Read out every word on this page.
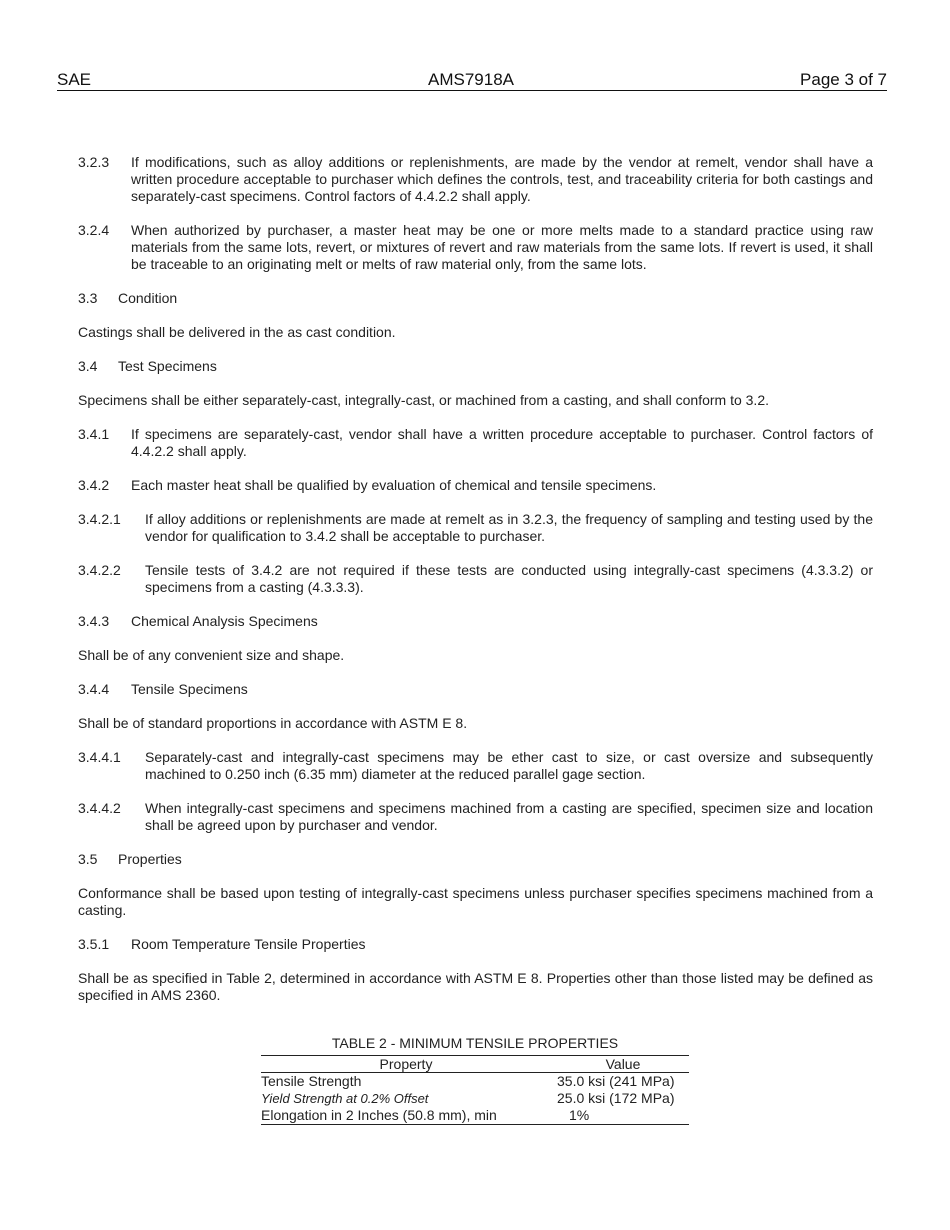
SAE	AMS7918A	Page 3 of 7
3.2.3	If modifications, such as alloy additions or replenishments, are made by the vendor at remelt, vendor shall have a written procedure acceptable to purchaser which defines the controls, test, and traceability criteria for both castings and separately-cast specimens. Control factors of 4.4.2.2 shall apply.
3.2.4	When authorized by purchaser, a master heat may be one or more melts made to a standard practice using raw materials from the same lots, revert, or mixtures of revert and raw materials from the same lots. If revert is used, it shall be traceable to an originating melt or melts of raw material only, from the same lots.
3.3	Condition

Castings shall be delivered in the as cast condition.

3.4	Test Specimens

Specimens shall be either separately-cast, integrally-cast, or machined from a casting, and shall conform to 3.2.

3.4.1	If specimens are separately-cast, vendor shall have a written procedure acceptable to purchaser. Control factors of 4.4.2.2 shall apply.
3.4.2	Each master heat shall be qualified by evaluation of chemical and tensile specimens.
3.4.2.1	If alloy additions or replenishments are made at remelt as in 3.2.3, the frequency of sampling and testing used by the vendor for qualification to 3.4.2 shall be acceptable to purchaser.
3.4.2.2	Tensile tests of 3.4.2 are not required if these tests are conducted using integrally-cast specimens (4.3.3.2) or specimens from a casting (4.3.3.3).
3.4.3	Chemical Analysis Specimens

Shall be of any convenient size and shape.

3.4.4	Tensile Specimens

Shall be of standard proportions in accordance with ASTM E 8.

3.4.4.1	Separately-cast and integrally-cast specimens may be ether cast to size, or cast oversize and subsequently machined to 0.250 inch (6.35 mm) diameter at the reduced parallel gage section.
3.4.4.2	When integrally-cast specimens and specimens machined from a casting are specified, specimen size and location shall be agreed upon by purchaser and vendor.
3.5	Properties

Conformance shall be based upon testing of integrally-cast specimens unless purchaser specifies specimens machined from a casting.

3.5.1	Room Temperature Tensile Properties

Shall be as specified in Table 2, determined in accordance with ASTM E 8. Properties other than those listed may be defined as specified in AMS 2360.

TABLE 2 - MINIMUM TENSILE PROPERTIES
Property	Value
Tensile Strength	35.0 ksi (241 MPa)
Yield Strength at 0.2% Offset	25.0 ksi (172 MPa)
Elongation in 2 Inches (50.8 mm), min	1%
